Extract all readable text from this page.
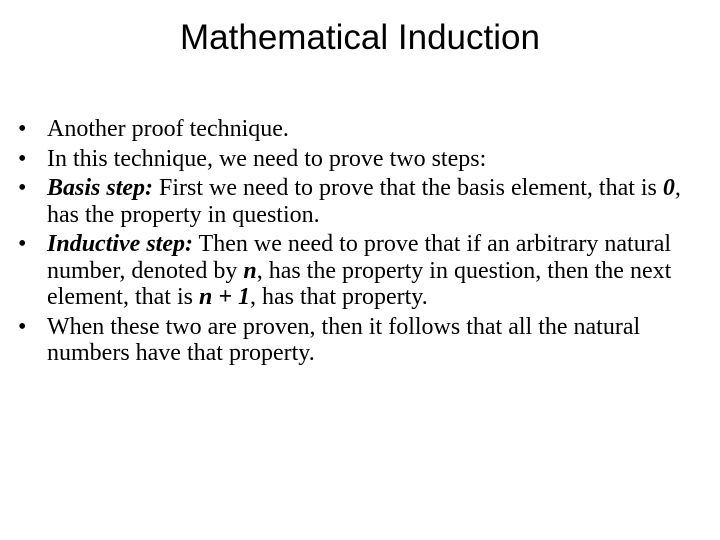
Mathematical Induction
• Another proof technique.
• In this technique, we need to prove two steps:
• Basis step: First we need to prove that the basis element, that is 0, has the property in question.
• Inductive step: Then we need to prove that if an arbitrary natural number, denoted by n, has the property in question, then the next element, that is n + 1, has that property.
• When these two are proven, then it follows that all the natural numbers have that property.
